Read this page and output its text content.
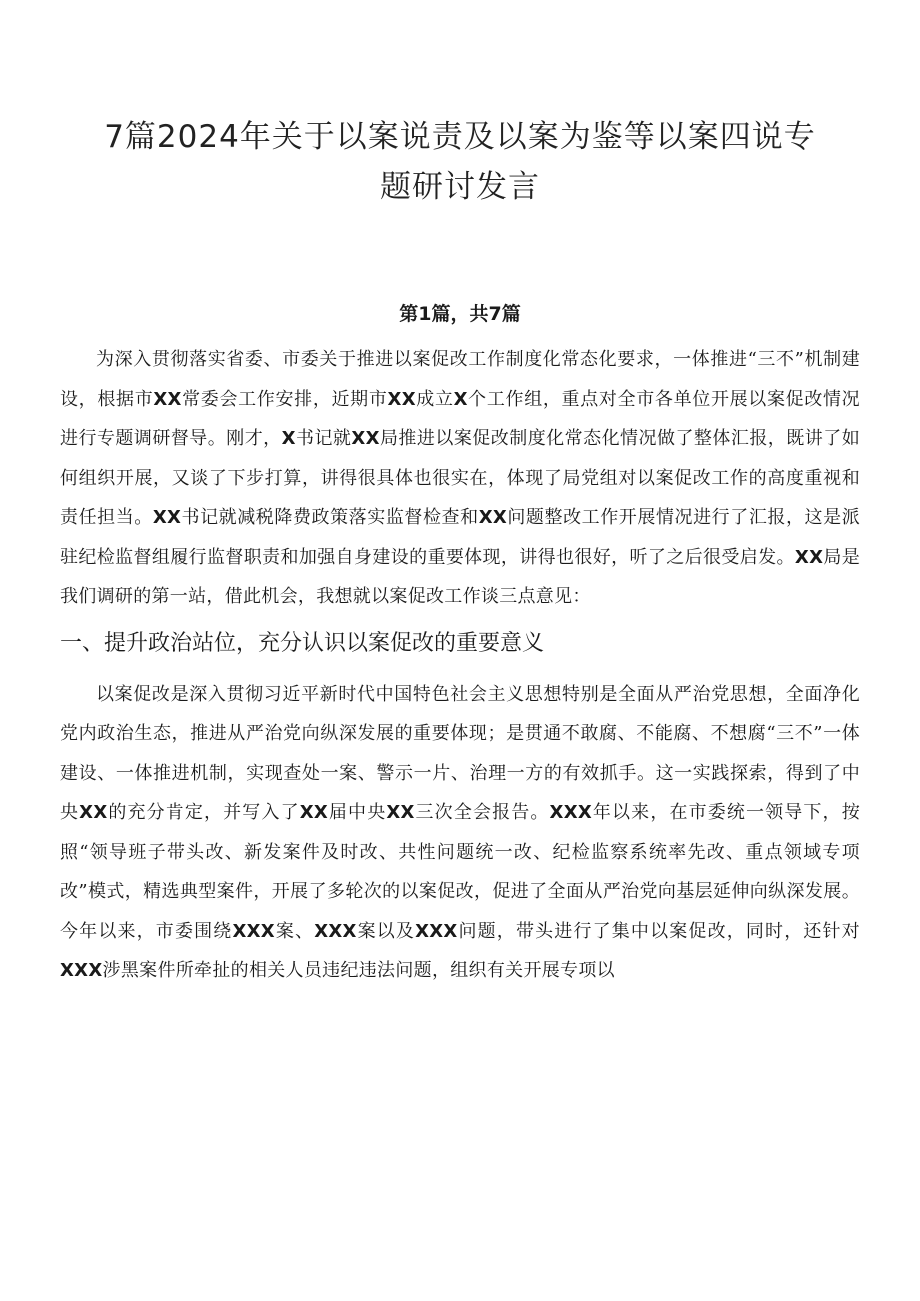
7篇2024年关于以案说责及以案为鉴等以案四说专
题研讨发言
第1篇，共7篇

为深入贯彻落实省委、市委关于推进以案促改工作制度化常态化要求，一体推进“三不”机制建设，根据市XX常委会工作安排，近期市XX成立X个工作组，重点对全市各单位开展以案促改情况进行专题调研督导。刚才，X书记就XX局推进以案促改制度化常态化情况做了整体汇报，既讲了如何组织开展，又谈了下步打算，讲得很具体也很实在，体现了局党组对以案促改工作的高度重视和责任担当。XX书记就减税降费政策落实监督检查和XX问题整改工作开展情况进行了汇报，这是派驻纪检监督组履行监督职责和加强自身建设的重要体现，讲得也很好，听了之后很受启发。XX局是我们调研的第一站，借此机会，我想就以案促改工作谈三点意见：

一、提升政治站位，充分认识以案促改的重要意义

以案促改是深入贯彻习近平新时代中国特色社会主义思想特别是全面从严治党思想，全面净化党内政治生态，推进从严治党向纵深发展的重要体现；是贯通不敢腐、不能腐、不想腐“三不”一体建设、一体推进机制，实现查处一案、警示一片、治理一方的有效抓手。这一实践探索，得到了中央XX的充分肯定，并写入了XX届中央XX三次全会报告。XXX年以来，在市委统一领导下，按照“领导班子带头改、新发案件及时改、共性问题统一改、纪检监察系统率先改、重点领域专项改”模式，精选典型案件，开展了多轮次的以案促改，促进了全面从严治党向基层延伸向纵深发展。今年以来，市委围绕XXX案、XXX案以及XXX问题，带头进行了集中以案促改，同时，还针对XXX涉黑案件所牵扯的相关人员违纪违法问题，组织有关开展专项以
